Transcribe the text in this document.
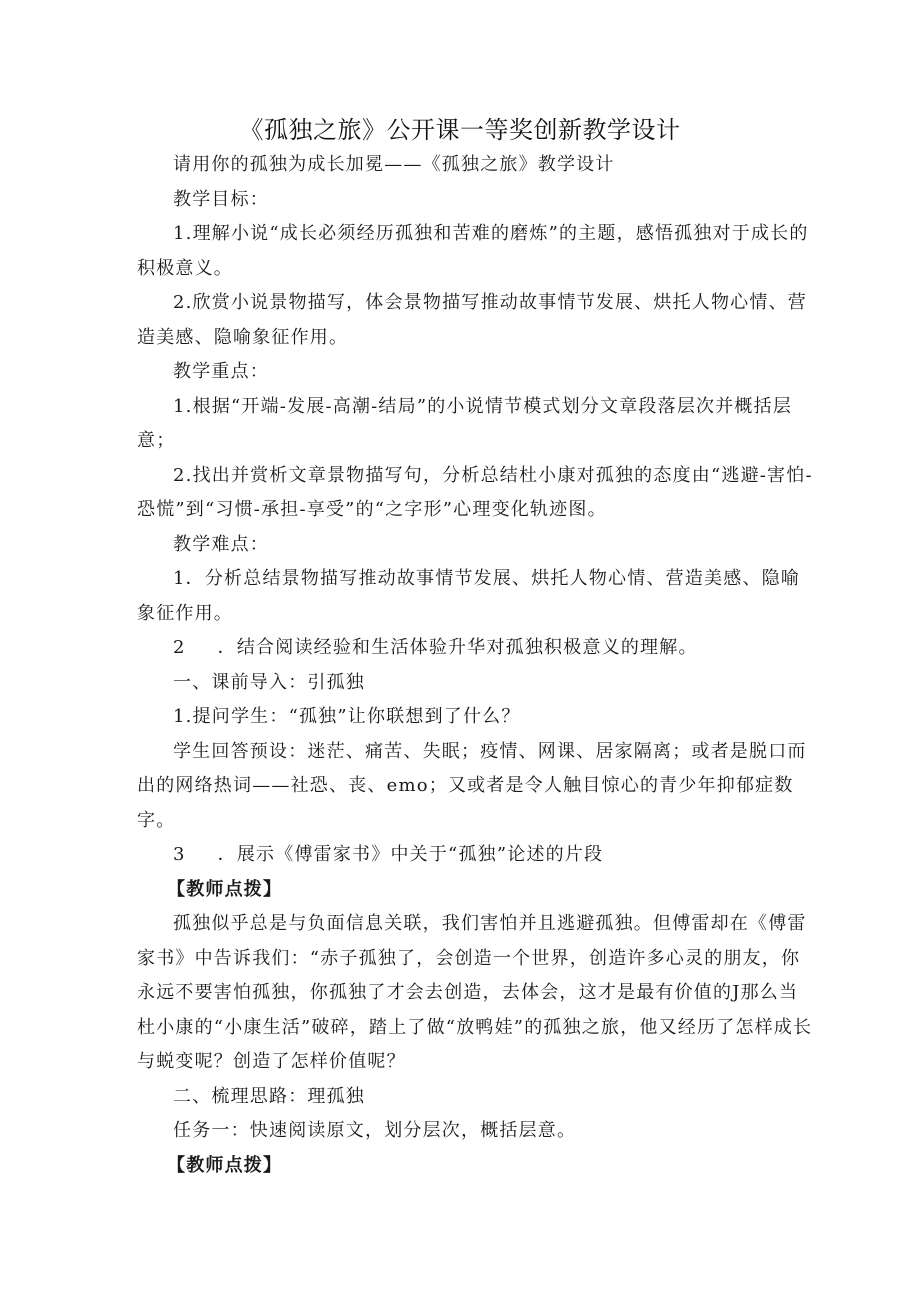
《孤独之旅》公开课一等奖创新教学设计

请用你的孤独为成长加冕——《孤独之旅》教学设计

教学目标：

1.理解小说“成长必须经历孤独和苦难的磨炼”的主题，感悟孤独对于成长的积极意义。

2.欣赏小说景物描写，体会景物描写推动故事情节发展、烘托人物心情、营造美感、隐喻象征作用。

教学重点：

1.根据“开端-发展-高潮-结局”的小说情节模式划分文章段落层次并概括层意；

2.找出并赏析文章景物描写句，分析总结杜小康对孤独的态度由“逃避-害怕-恐慌”到“习惯-承担-享受”的“之字形”心理变化轨迹图。

教学难点：

1．分析总结景物描写推动故事情节发展、烘托人物心情、营造美感、隐喻象征作用。

2 ．结合阅读经验和生活体验升华对孤独积极意义的理解。

一、课前导入：引孤独

1.提问学生：“孤独”让你联想到了什么？

学生回答预设：迷茫、痛苦、失眠；疫情、网课、居家隔离；或者是脱口而出的网络热词——社恐、丧、emo；又或者是令人触目惊心的青少年抑郁症数字。

3 ．展示《傅雷家书》中关于“孤独”论述的片段

【教师点拨】

孤独似乎总是与负面信息关联，我们害怕并且逃避孤独。但傅雷却在《傅雷家书》中告诉我们：“赤子孤独了，会创造一个世界，创造许多心灵的朋友，你永远不要害怕孤独，你孤独了才会去创造，去体会，这才是最有价值的J那么当杜小康的“小康生活”破碎，踏上了做“放鸭娃”的孤独之旅，他又经历了怎样成长与蜕变呢？创造了怎样价值呢？

二、梳理思路：理孤独

任务一：快速阅读原文，划分层次，概括层意。

【教师点拨】
